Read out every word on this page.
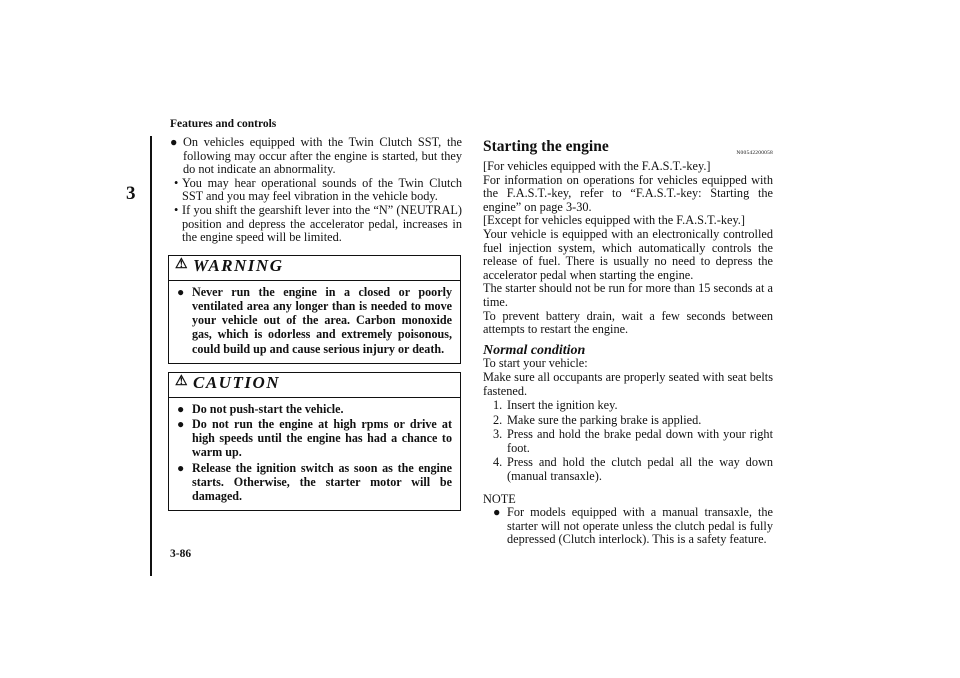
Features and controls
3
● On vehicles equipped with the Twin Clutch SST, the following may occur after the engine is started, but they do not indicate an abnormality.
• You may hear operational sounds of the Twin Clutch SST and you may feel vibration in the vehicle body.
• If you shift the gearshift lever into the “N” (NEUTRAL) position and depress the accelerator pedal, increases in the engine speed will be limited.
⚠ WARNING
● Never run the engine in a closed or poorly ventilated area any longer than is needed to move your vehicle out of the area. Carbon monoxide gas, which is odorless and extremely poisonous, could build up and cause serious injury or death.
⚠ CAUTION
● Do not push-start the vehicle.
● Do not run the engine at high rpms or drive at high speeds until the engine has had a chance to warm up.
● Release the ignition switch as soon as the engine starts. Otherwise, the starter motor will be damaged.
Starting the engine	N00542200058

[For vehicles equipped with the F.A.S.T.-key.]

For information on operations for vehicles equipped with the F.A.S.T.-key, refer to “F.A.S.T.-key: Starting the engine” on page 3-30.

[Except for vehicles equipped with the F.A.S.T.-key.]

Your vehicle is equipped with an electronically controlled fuel injection system, which automatically controls the release of fuel. There is usually no need to depress the accelerator pedal when starting the engine.

The starter should not be run for more than 15 seconds at a time.

To prevent battery drain, wait a few seconds between attempts to restart the engine.

Normal condition

To start your vehicle:

Make sure all occupants are properly seated with seat belts fastened.

1. Insert the ignition key.
2. Make sure the parking brake is applied.
3. Press and hold the brake pedal down with your right foot.
4. Press and hold the clutch pedal all the way down (manual transaxle).
NOTE
● For models equipped with a manual transaxle, the starter will not operate unless the clutch pedal is fully depressed (Clutch interlock). This is a safety feature.
3-86
